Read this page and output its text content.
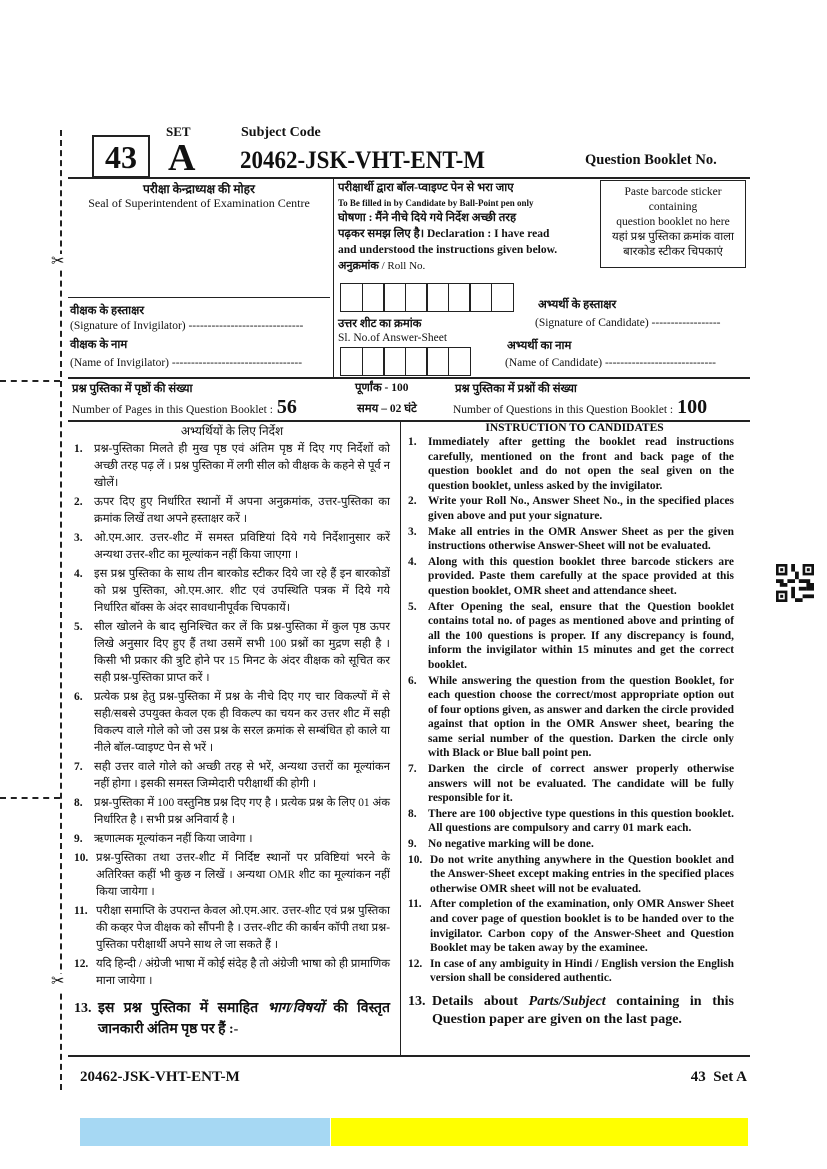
✂
✂
43
SET
A
Subject Code
20462-JSK-VHT-ENT-M	Question Booklet No.
परीक्षा केन्द्राध्यक्ष की मोहर
Seal of Superintendent of Examination Centre
परीक्षार्थी द्वारा बॉल-प्वाइण्ट पेन से भरा जाए
To Be filled in by Candidate by Ball-Point pen only
घोषणा : मैंने नीचे दिये गये निर्देश अच्छी तरह
पढ़कर समझ लिए है। Declaration : I have read
and understood the instructions given below.
अनुक्रमांक / Roll No.
उत्तर शीट का क्रमांक
Sl. No.of Answer-Sheet
Paste barcode sticker
containing
question booklet no here
यहां प्रश्न पुस्तिका क्रमांक वाला
बारकोड स्टीकर चिपकाएं
वीक्षक के हस्ताक्षर
(Signature of Invigilator) ------------------------------
वीक्षक के नाम
(Name of Invigilator) ----------------------------------
अभ्यर्थी के हस्ताक्षर
(Signature of Candidate) ------------------
अभ्यर्थी का नाम
(Name of Candidate) -----------------------------
प्रश्न पुस्तिका में पृष्ठों की संख्या
Number of Pages in this Question Booklet : 56
पूर्णांक - 100
समय – 02 घंटे
प्रश्न पुस्तिका में प्रश्नों की संख्या
Number of Questions in this Question Booklet : 100
अभ्यर्थियों के लिए निर्देश	INSTRUCTION TO CANDIDATES
1.	प्रश्न-पुस्तिका मिलते ही मुख पृष्ठ एवं अंतिम पृष्ठ में दिए गए निर्देशों को अच्छी तरह पढ़ लें । प्रश्न पुस्तिका में लगी सील को वीक्षक के कहने से पूर्व न खोलें।
2.	ऊपर दिए हुए निर्धारित स्थानों में अपना अनुक्रमांक, उत्तर-पुस्तिका का क्रमांक लिखें तथा अपने हस्ताक्षर करें ।
3.	ओ.एम.आर. उत्तर-शीट में समस्त प्रविष्टियां दिये गये निर्देशानुसार करें अन्यथा उत्तर-शीट का मूल्यांकन नहीं किया जाएगा ।
4.	इस प्रश्न पुस्तिका के साथ तीन बारकोड स्टीकर दिये जा रहे हैं इन बारकोडों को प्रश्न पुस्तिका, ओ.एम.आर. शीट एवं उपस्थिति पत्रक में दिये गये निर्धारित बॉक्स के अंदर सावधानीपूर्वक चिपकायें।
5.	सील खोलने के बाद सुनिश्चित कर लें कि प्रश्न-पुस्तिका में कुल पृष्ठ ऊपर लिखे अनुसार दिए हुए हैं तथा उसमें सभी 100 प्रश्नों का मुद्रण सही है । किसी भी प्रकार की त्रुटि होने पर 15 मिनट के अंदर वीक्षक को सूचित कर सही प्रश्न-पुस्तिका प्राप्त करें ।
6.	प्रत्येक प्रश्न हेतु प्रश्न-पुस्तिका में प्रश्न के नीचे दिए गए चार विकल्पों में से सही/सबसे उपयुक्त केवल एक ही विकल्प का चयन कर उत्तर शीट में सही विकल्प वाले गोले को जो उस प्रश्न के सरल क्रमांक से सम्बंधित हो काले या नीले बॉल-प्वाइण्ट पेन से भरें ।
7.	सही उत्तर वाले गोले को अच्छी तरह से भरें, अन्यथा उत्तरों का मूल्यांकन नहीं होगा । इसकी समस्त जिम्मेदारी परीक्षार्थी की होगी ।
8.	प्रश्न-पुस्तिका में 100 वस्तुनिष्ठ प्रश्न दिए गए है । प्रत्येक प्रश्न के लिए 01 अंक निर्धारित है । सभी प्रश्न अनिवार्य है ।
9.	ऋणात्मक मूल्यांकन नहीं किया जावेगा ।
10. प्रश्न-पुस्तिका तथा उत्तर-शीट में निर्दिष्ट स्थानों पर प्रविष्टियां भरने के अतिरिक्त कहीं भी कुछ न लिखें । अन्यथा OMR शीट का मूल्यांकन नहीं किया जायेगा ।
11. परीक्षा समाप्ति के उपरान्त केवल ओ.एम.आर. उत्तर-शीट एवं प्रश्न पुस्तिका की कव्हर पेज वीक्षक को सौंपनी है । उत्तर-शीट की कार्बन कॉपी तथा प्रश्न-पुस्तिका परीक्षार्थी अपने साथ ले जा सकते हैं ।
12. यदि हिन्दी / अंग्रेजी भाषा में कोई संदेह है तो अंग्रेजी भाषा को ही प्रामाणिक माना जायेगा ।
13. इस प्रश्न पुस्तिका में समाहित भाग/विषयों की विस्तृत जानकारी अंतिम पृष्ठ पर हैं :-
1.	Immediately after getting the booklet read instructions carefully, mentioned on the front and back page of the question booklet and do not open the seal given on the question booklet, unless asked by the invigilator.
2.	Write your Roll No., Answer Sheet No., in the specified places given above and put your signature.
3.	Make all entries in the OMR Answer Sheet as per the given instructions otherwise Answer-Sheet will not be evaluated.
4.	Along with this question booklet three barcode stickers are provided. Paste them carefully at the space provided at this question booklet, OMR sheet and attendance sheet.
5.	After Opening the seal, ensure that the Question booklet contains total no. of pages as mentioned above and printing of all the 100 questions is proper. If any discrepancy is found, inform the invigilator within 15 minutes and get the correct booklet.
6.	While answering the question from the question Booklet, for each question choose the correct/most appropriate option out of four options given, as answer and darken the circle provided against that option in the OMR Answer sheet, bearing the same serial number of the question. Darken the circle only with Black or Blue ball point pen.
7.	Darken the circle of correct answer properly otherwise answers will not be evaluated. The candidate will be fully responsible for it.
8.	There are 100 objective type questions in this question booklet. All questions are compulsory and carry 01 mark each.
9.	No negative marking will be done.
10. Do not write anything anywhere in the Question booklet and the Answer-Sheet except making entries in the specified places otherwise OMR sheet will not be evaluated.
11. After completion of the examination, only OMR Answer Sheet and cover page of question booklet is to be handed over to the invigilator. Carbon copy of the Answer-Sheet and Question Booklet may be taken away by the examinee.
12. In case of any ambiguity in Hindi / English version the English version shall be considered authentic.
13. Details about Parts/Subject containing in this Question paper are given on the last page.
20462-JSK-VHT-ENT-M	43  Set A
